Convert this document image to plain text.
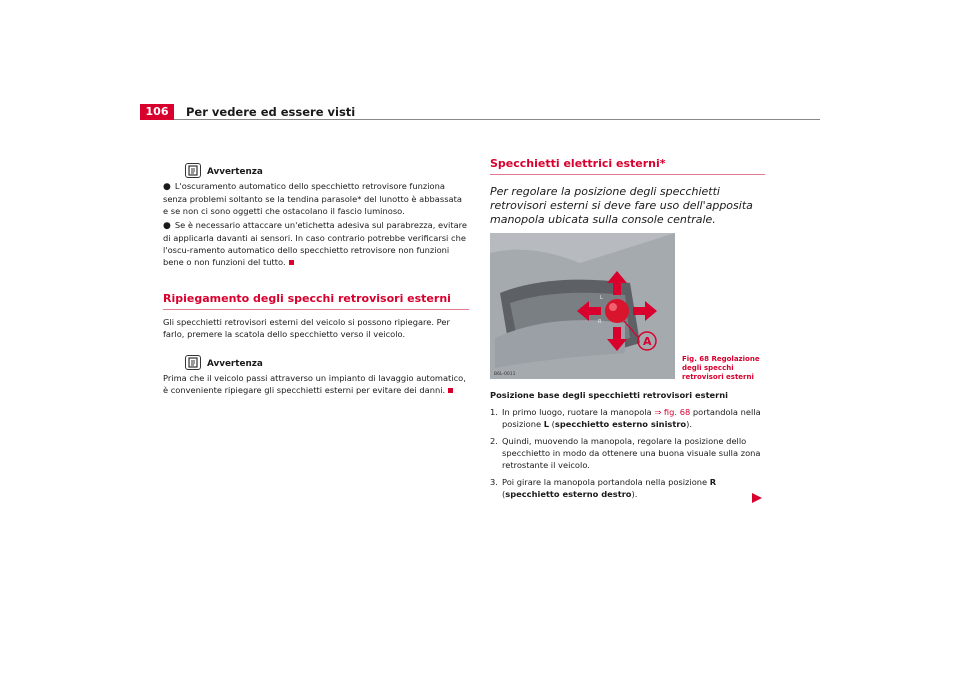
106	Per vedere ed essere visti
Avvertenza

● L'oscuramento automatico dello specchietto retrovisore funziona senza problemi soltanto se la tendina parasole* del lunotto è abbassata e se non ci sono oggetti che ostacolano il fascio luminoso.

● Se è necessario attaccare un'etichetta adesiva sul parabrezza, evitare di applicarla davanti ai sensori. In caso contrario potrebbe verificarsi che l'oscu-ramento automatico dello specchietto retrovisore non funzioni bene o non funzioni del tutto.

Ripiegamento degli specchi retrovisori esterni

Gli specchietti retrovisori esterni del veicolo si possono ripiegare. Per farlo, premere la scatola dello specchietto verso il veicolo.

Avvertenza

Prima che il veicolo passi attraverso un impianto di lavaggio automatico, è conveniente ripiegare gli specchietti esterni per evitare dei danni.

Specchietti elettrici esterni*

Per regolare la posizione degli specchietti retrovisori esterni si deve fare uso dell'apposita manopola ubicata sulla console centrale.

A
L
R
B6L-0011

Posizione base degli specchietti retrovisori esterni

1. In primo luogo, ruotare la manopola ⇒ fig. 68 portandola nella posizione L (specchietto esterno sinistro).
2. Quindi, muovendo la manopola, regolare la posizione dello specchietto in modo da ottenere una buona visuale sulla zona retrostante il veicolo.
3. Poi girare la manopola portandola nella posizione R (specchietto esterno destro).
Fig. 68 Regolazione degli specchi retrovisori esterni
